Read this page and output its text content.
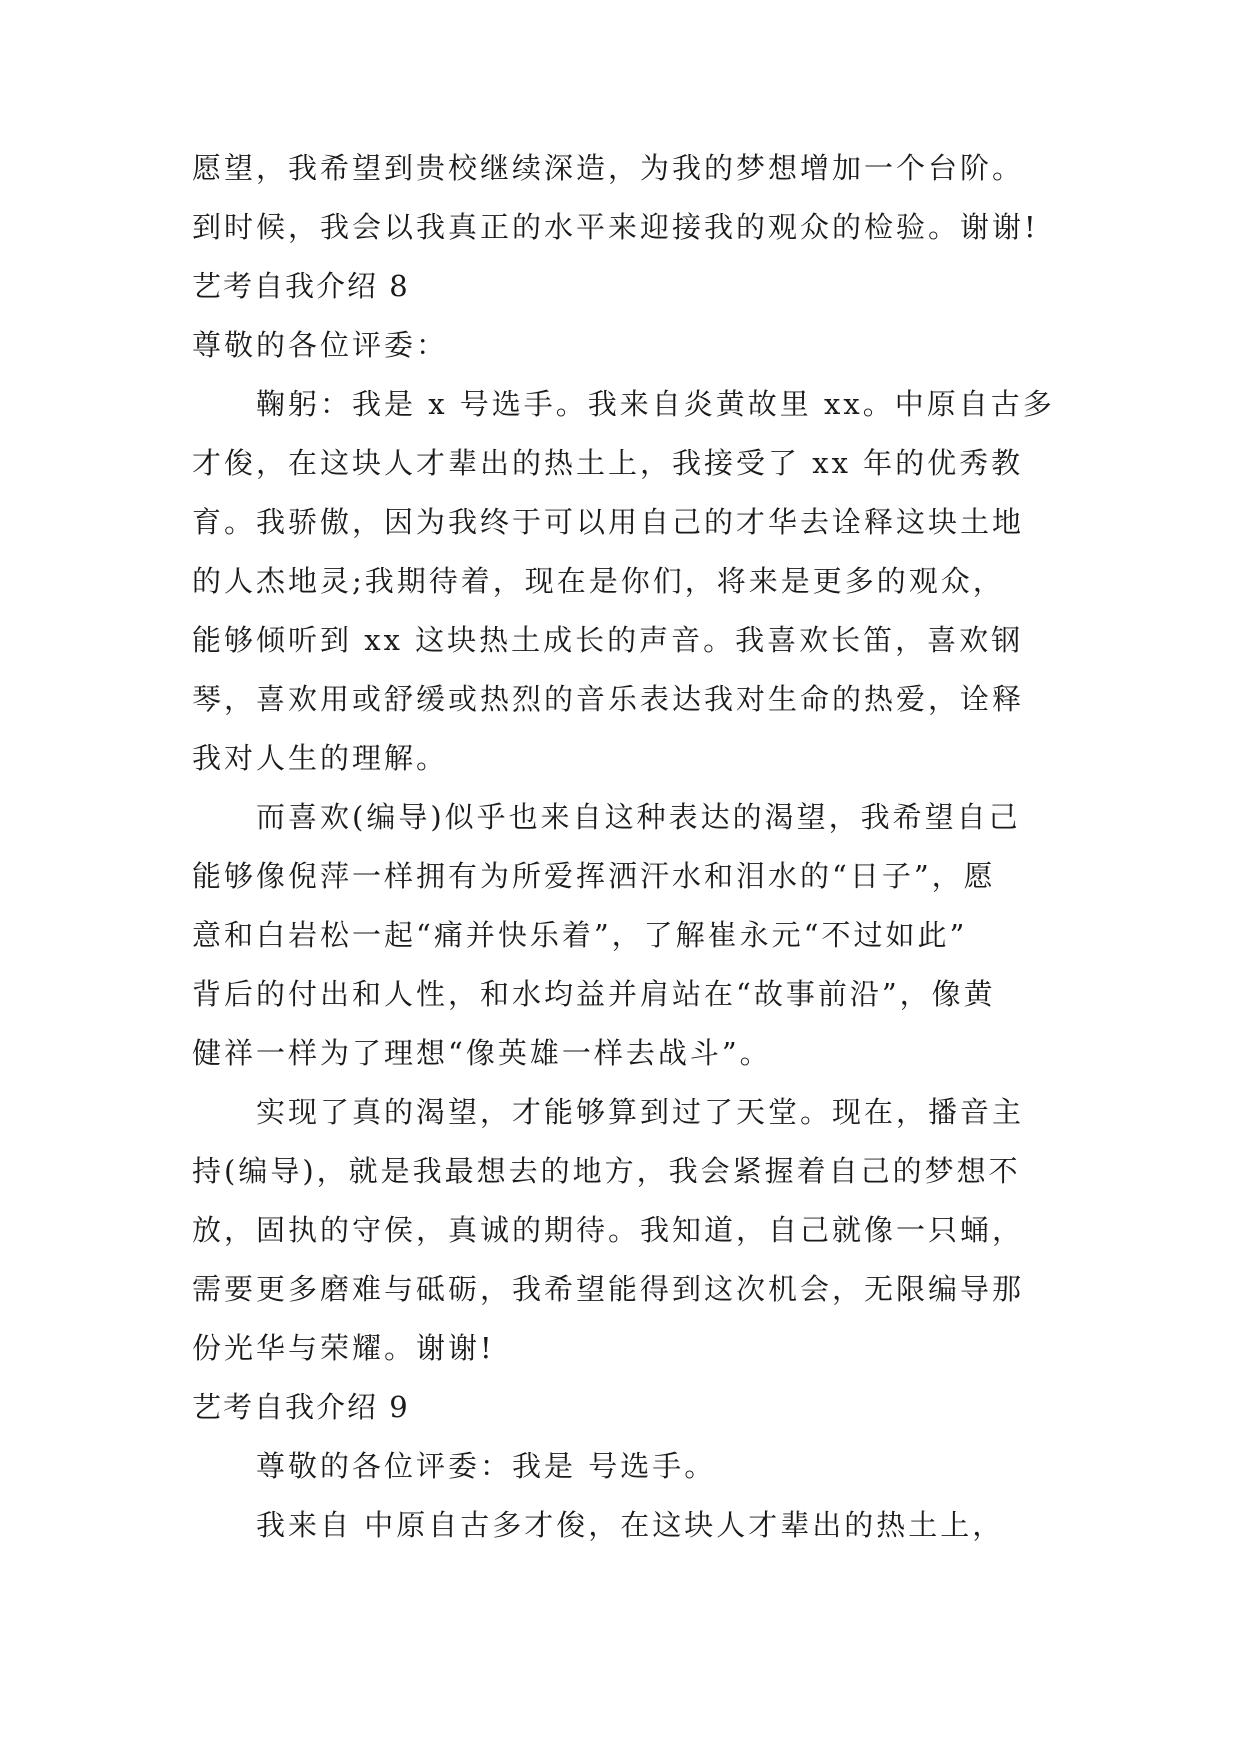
愿望，我希望到贵校继续深造，为我的梦想增加一个台阶。
到时候，我会以我真正的水平来迎接我的观众的检验。谢谢!
艺考自我介绍 8
尊敬的各位评委：
鞠躬：我是 x 号选手。我来自炎黄故里 xx。中原自古多
才俊，在这块人才辈出的热土上，我接受了 xx 年的优秀教
育。我骄傲，因为我终于可以用自己的才华去诠释这块土地
的人杰地灵;我期待着，现在是你们，将来是更多的观众，
能够倾听到 xx 这块热土成长的声音。我喜欢长笛，喜欢钢
琴，喜欢用或舒缓或热烈的音乐表达我对生命的热爱，诠释
我对人生的理解。
而喜欢(编导)似乎也来自这种表达的渴望，我希望自己
能够像倪萍一样拥有为所爱挥洒汗水和泪水的“日子”，愿
意和白岩松一起“痛并快乐着”，了解崔永元“不过如此”
背后的付出和人性，和水均益并肩站在“故事前沿”，像黄
健祥一样为了理想“像英雄一样去战斗”。
实现了真的渴望，才能够算到过了天堂。现在，播音主
持(编导)，就是我最想去的地方，我会紧握着自己的梦想不
放，固执的守侯，真诚的期待。我知道，自己就像一只蛹，
需要更多磨难与砥砺，我希望能得到这次机会，无限编导那
份光华与荣耀。谢谢!
艺考自我介绍 9
尊敬的各位评委：我是 号选手。
我来自 中原自古多才俊，在这块人才辈出的热土上，
